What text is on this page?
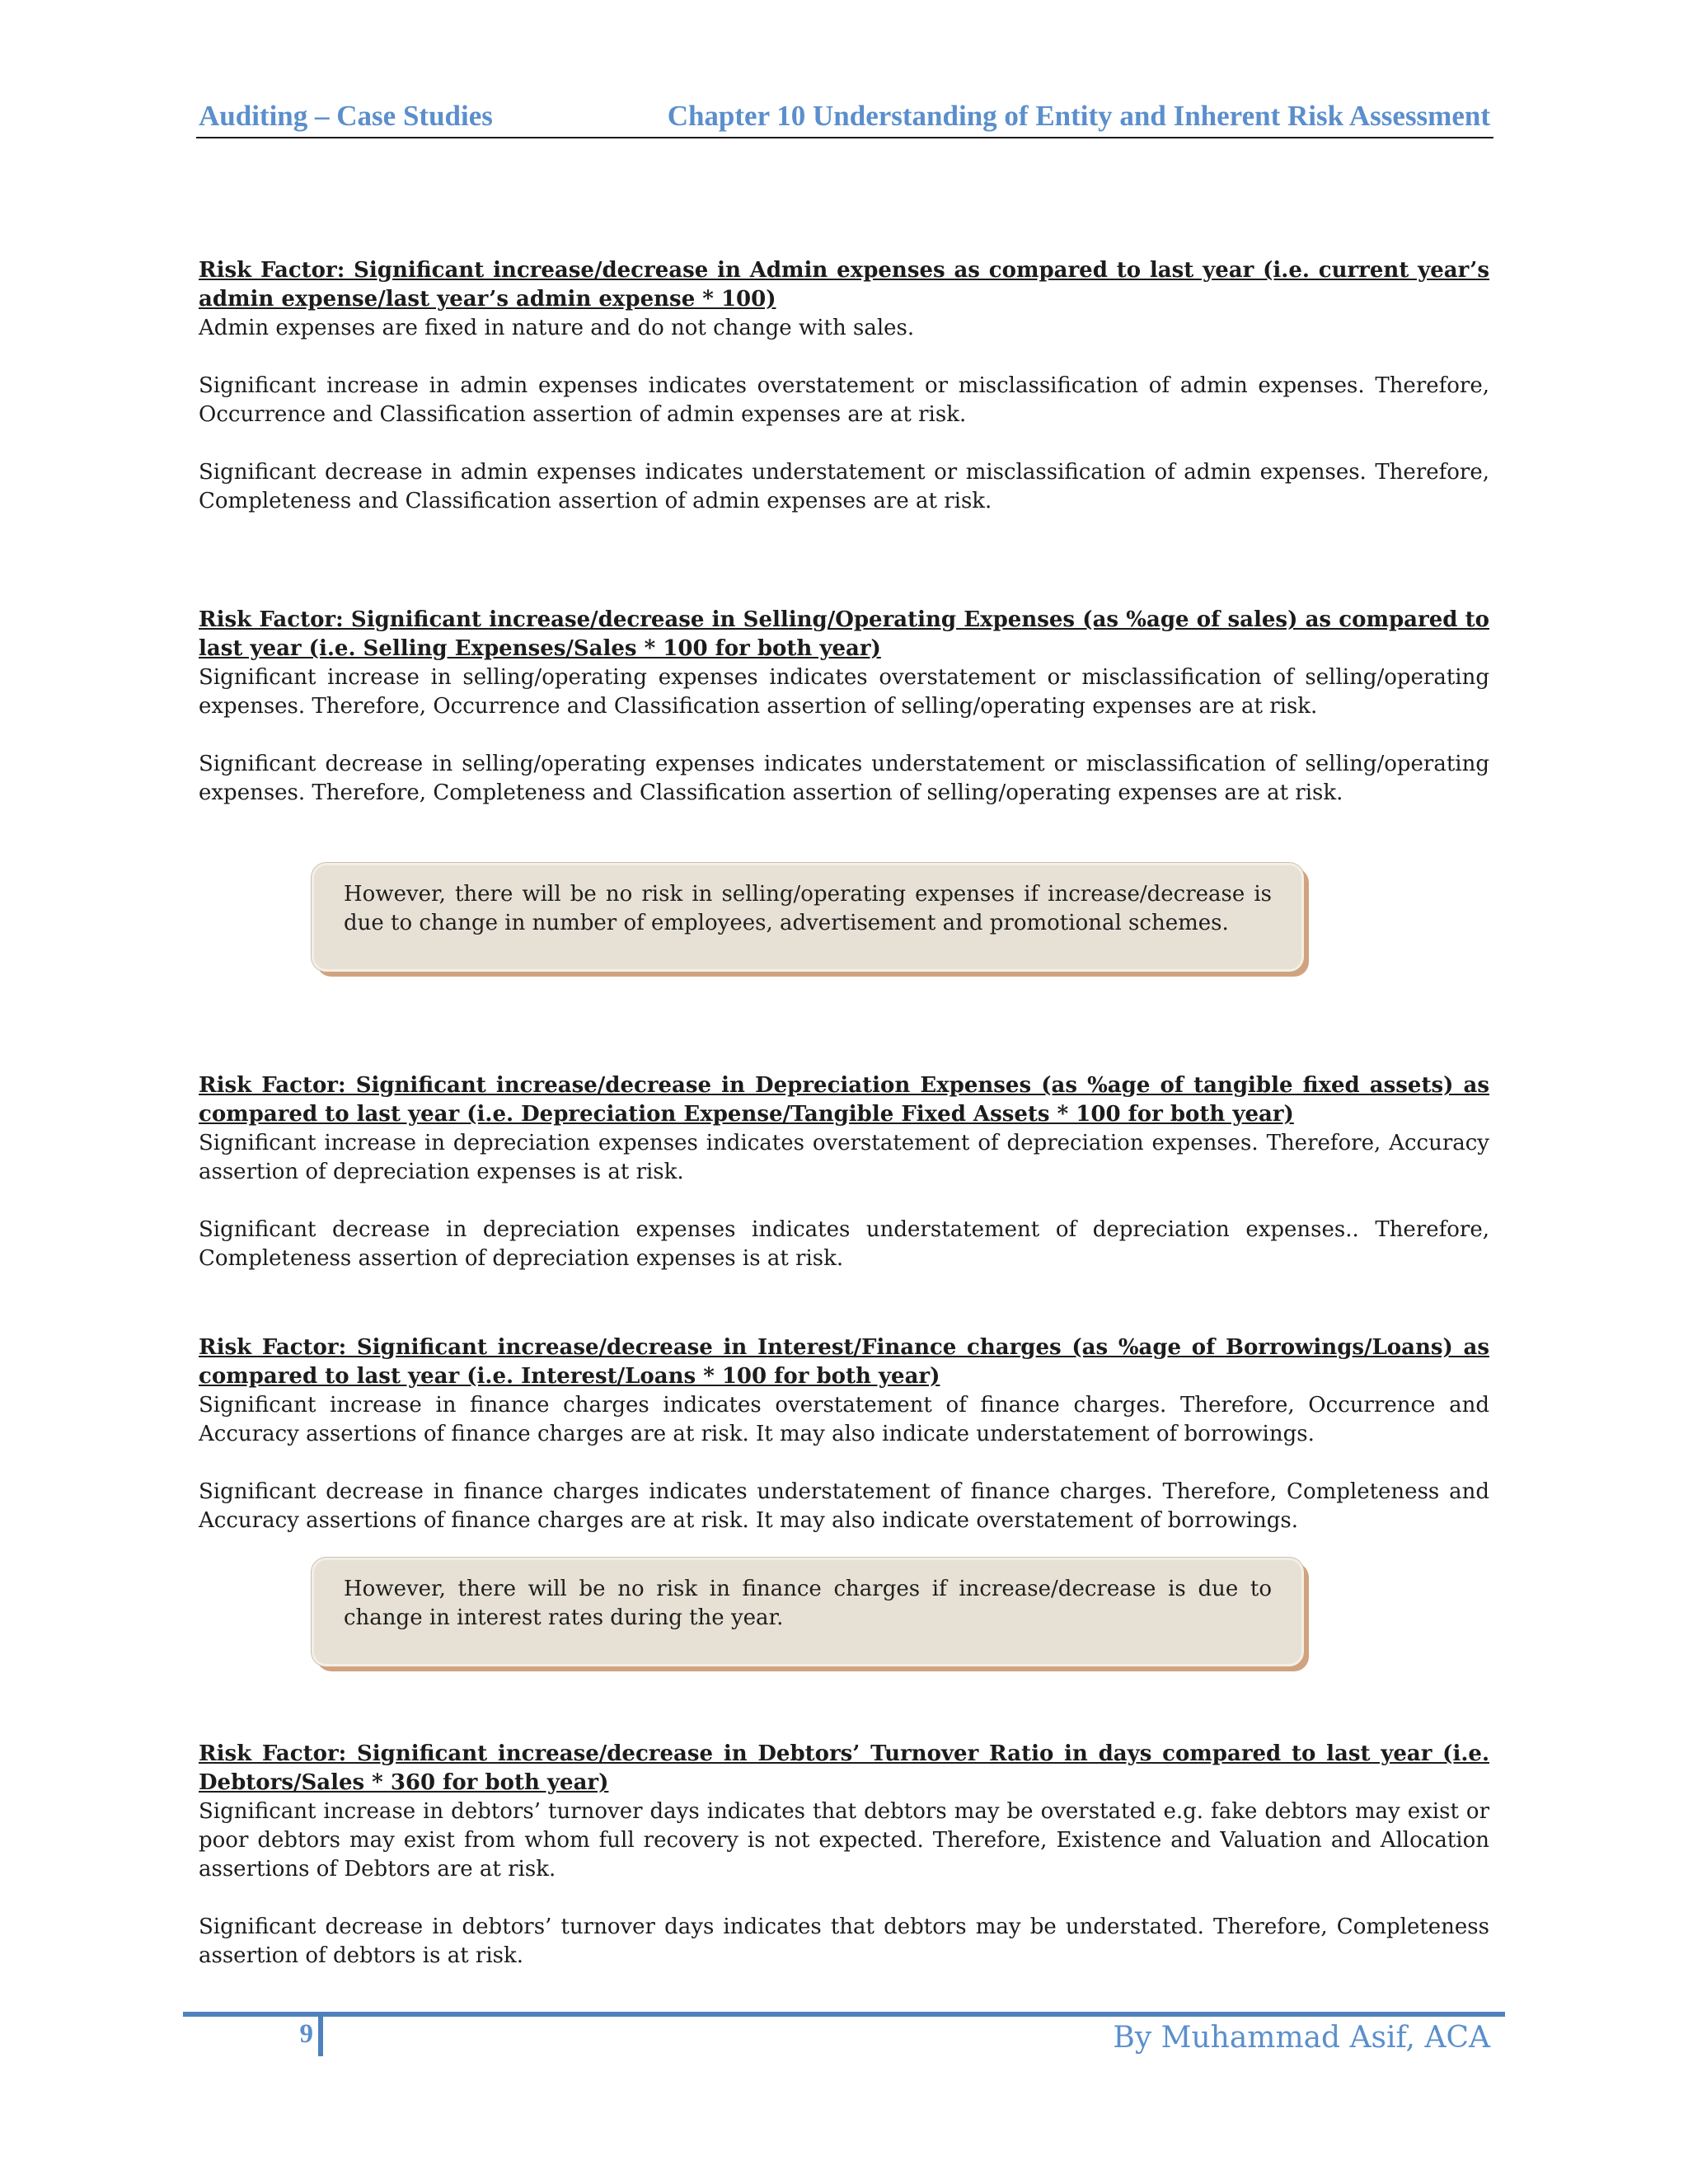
Auditing – Case Studies	Chapter 10 Understanding of Entity and Inherent Risk Assessment
Risk Factor: Significant increase/decrease in Admin expenses as compared to last year (i.e. current year’s admin expense/last year’s admin expense * 100)

Admin expenses are fixed in nature and do not change with sales.

Significant increase in admin expenses indicates overstatement or misclassification of admin expenses. Therefore, Occurrence and Classification assertion of admin expenses are at risk.

Significant decrease in admin expenses indicates understatement or misclassification of admin expenses. Therefore, Completeness and Classification assertion of admin expenses are at risk.

Risk Factor: Significant increase/decrease in Selling/Operating Expenses (as %age of sales) as compared to last year (i.e. Selling Expenses/Sales * 100 for both year)

Significant increase in selling/operating expenses indicates overstatement or misclassification of selling/operating expenses. Therefore, Occurrence and Classification assertion of selling/operating expenses are at risk.

Significant decrease in selling/operating expenses indicates understatement or misclassification of selling/operating expenses. Therefore, Completeness and Classification assertion of selling/operating expenses are at risk.

However, there will be no risk in selling/operating expenses if increase/decrease is due to change in number of employees, advertisement and promotional schemes.

Risk Factor: Significant increase/decrease in Depreciation Expenses (as %age of tangible fixed assets) as compared to last year (i.e. Depreciation Expense/Tangible Fixed Assets * 100 for both year)

Significant increase in depreciation expenses indicates overstatement of depreciation expenses. Therefore, Accuracy assertion of depreciation expenses is at risk.

Significant decrease in depreciation expenses indicates understatement of depreciation expenses.. Therefore, Completeness assertion of depreciation expenses is at risk.

Risk Factor: Significant increase/decrease in Interest/Finance charges (as %age of Borrowings/Loans) as compared to last year (i.e. Interest/Loans * 100 for both year)

Significant increase in finance charges indicates overstatement of finance charges. Therefore, Occurrence and Accuracy assertions of finance charges are at risk. It may also indicate understatement of borrowings.

Significant decrease in finance charges indicates understatement of finance charges. Therefore, Completeness and Accuracy assertions of finance charges are at risk. It may also indicate overstatement of borrowings.

However, there will be no risk in finance charges if increase/decrease is due to change in interest rates during the year.

Risk Factor: Significant increase/decrease in Debtors’ Turnover Ratio in days compared to last year (i.e. Debtors/Sales * 360 for both year)

Significant increase in debtors’ turnover days indicates that debtors may be overstated e.g. fake debtors may exist or poor debtors may exist from whom full recovery is not expected. Therefore, Existence and Valuation and Allocation assertions of Debtors are at risk.

Significant decrease in debtors’ turnover days indicates that debtors may be understated. Therefore, Completeness assertion of debtors is at risk.

9	By Muhammad Asif, ACA
